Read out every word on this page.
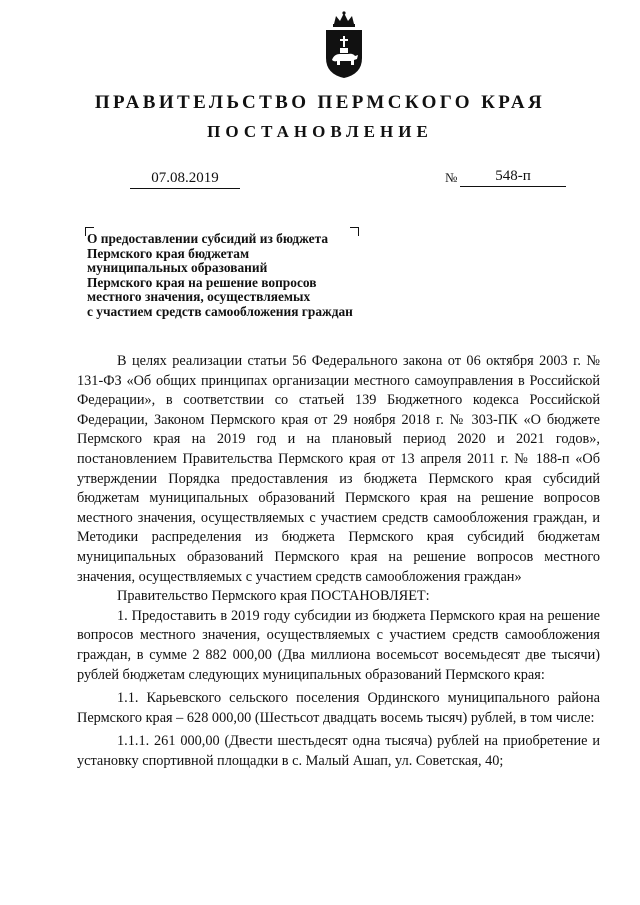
ПРАВИТЕЛЬСТВО ПЕРМСКОГО КРАЯ
ПОСТАНОВЛЕНИЕ
07.08.2019	№	548-п
О предоставлении субсидий из бюджета
Пермского края бюджетам
муниципальных образований
Пермского края на решение вопросов
местного значения, осуществляемых
с участием средств самообложения граждан

В целях реализации статьи 56 Федерального закона от 06 октября 2003 г. № 131-ФЗ «Об общих принципах организации местного самоуправления в Российской Федерации», в соответствии со статьей 139 Бюджетного кодекса Российской Федерации, Законом Пермского края от 29 ноября 2018 г. № 303-ПК «О бюджете Пермского края на 2019 год и на плановый период 2020 и 2021 годов», постановлением Правительства Пермского края от 13 апреля 2011 г. № 188-п «Об утверждении Порядка предоставления из бюджета Пермского края субсидий бюджетам муниципальных образований Пермского края на решение вопросов местного значения, осуществляемых с участием средств самообложения граждан, и Методики распределения из бюджета Пермского края субсидий бюджетам муниципальных образований Пермского края на решение вопросов местного значения, осуществляемых с участием средств самообложения граждан»

Правительство Пермского края ПОСТАНОВЛЯЕТ:

1. Предоставить в 2019 году субсидии из бюджета Пермского края на решение вопросов местного значения, осуществляемых с участием средств самообложения граждан, в сумме 2 882 000,00 (Два миллиона восемьсот восемьдесят две тысячи) рублей бюджетам следующих муниципальных образований Пермского края:

1.1. Карьевского сельского поселения Ординского муниципального района Пермского края – 628 000,00 (Шестьсот двадцать восемь тысяч) рублей, в том числе:

1.1.1. 261 000,00 (Двести шестьдесят одна тысяча) рублей на приобретение и установку спортивной площадки в с. Малый Ашап, ул. Советская, 40;
